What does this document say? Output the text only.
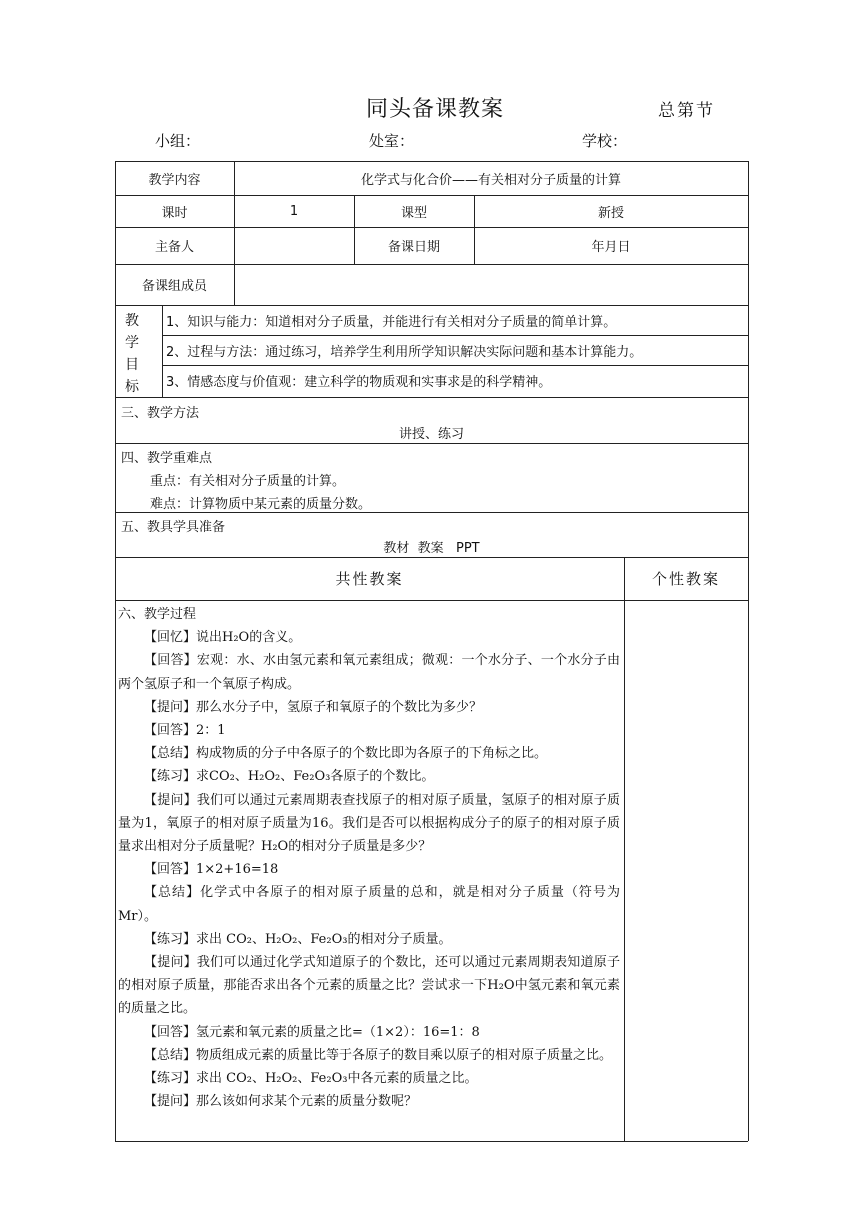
同头备课教案	总第节
小组：	处室：	学校：
教学内容	化学式与化合价——有关相对分子质量的计算
课时	1	课型	新授
主备人	备课日期	年月日
备课组成员
教
学
目
标
1、知识与能力：知道相对分子质量，并能进行有关相对分子质量的简单计算。
2、过程与方法：通过练习，培养学生利用所学知识解决实际问题和基本计算能力。
3、情感态度与价值观：建立科学的物质观和实事求是的科学精神。
三、教学方法
讲授、练习
四、教学重难点
重点：有关相对分子质量的计算。
难点：计算物质中某元素的质量分数。
五、教具学具准备
教材  教案   PPT
共性教案	个性教案

六、教学过程

【回忆】说出H₂O的含义。

【回答】宏观：水、水由氢元素和氧元素组成；微观：一个水分子、一个水分子由两个氢原子和一个氧原子构成。

【提问】那么水分子中，氢原子和氧原子的个数比为多少？

【回答】2：1

【总结】构成物质的分子中各原子的个数比即为各原子的下角标之比。

【练习】求CO₂、H₂O₂、Fe₂O₃各原子的个数比。

【提问】我们可以通过元素周期表查找原子的相对原子质量，氢原子的相对原子质量为1，氧原子的相对原子质量为16。我们是否可以根据构成分子的原子的相对原子质量求出相对分子质量呢？H₂O的相对分子质量是多少？

【回答】1×2+16=18

【总结】化学式中各原子的相对原子质量的总和，就是相对分子质量（符号为Mr）。

【练习】求出 CO₂、H₂O₂、Fe₂O₃的相对分子质量。

【提问】我们可以通过化学式知道原子的个数比，还可以通过元素周期表知道原子的相对原子质量，那能否求出各个元素的质量之比？尝试求一下H₂O中氢元素和氧元素的质量之比。

【回答】氢元素和氧元素的质量之比=（1×2）：16=1：8

【总结】物质组成元素的质量比等于各原子的数目乘以原子的相对原子质量之比。

【练习】求出 CO₂、H₂O₂、Fe₂O₃中各元素的质量之比。

【提问】那么该如何求某个元素的质量分数呢？
